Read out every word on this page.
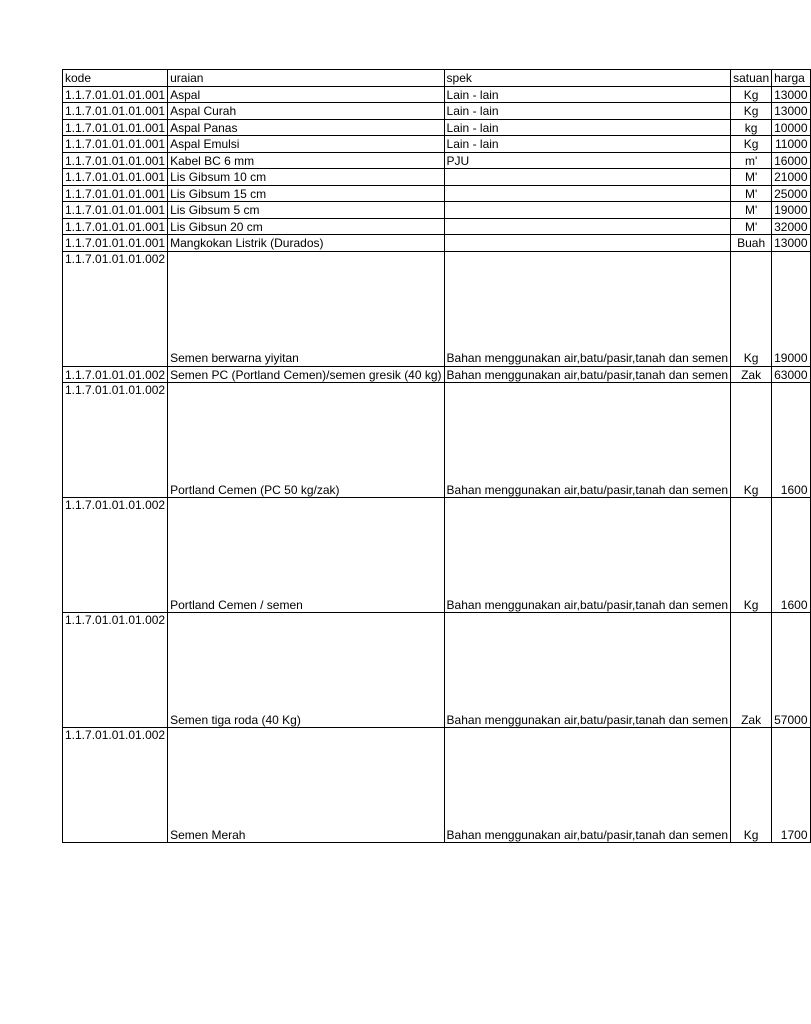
kode	uraian	spek	satuan	harga
1.1.7.01.01.01.001	Aspal	Lain - lain	Kg	13000
1.1.7.01.01.01.001	Aspal Curah	Lain - lain	Kg	13000
1.1.7.01.01.01.001	Aspal Panas	Lain - lain	kg	10000
1.1.7.01.01.01.001	Aspal Emulsi	Lain - lain	Kg	11000
1.1.7.01.01.01.001	Kabel BC 6 mm	PJU	m'	16000
1.1.7.01.01.01.001	Lis Gibsum 10 cm		M'	21000
1.1.7.01.01.01.001	Lis Gibsum 15 cm		M'	25000
1.1.7.01.01.01.001	Lis Gibsum 5 cm		M'	19000
1.1.7.01.01.01.001	Lis Gibsun 20 cm		M'	32000
1.1.7.01.01.01.001	Mangkokan Listrik (Durados)		Buah	13000
1.1.7.01.01.01.002	Semen berwarna yiyitan	Bahan menggunakan air,batu/pasir,tanah dan semen	Kg	19000
1.1.7.01.01.01.002	Semen PC (Portland Cemen)/semen gresik (40 kg)	Bahan menggunakan air,batu/pasir,tanah dan semen	Zak	63000
1.1.7.01.01.01.002	Portland Cemen (PC 50 kg/zak)	Bahan menggunakan air,batu/pasir,tanah dan semen	Kg	1600
1.1.7.01.01.01.002	Portland Cemen / semen	Bahan menggunakan air,batu/pasir,tanah dan semen	Kg	1600
1.1.7.01.01.01.002	Semen tiga roda (40 Kg)	Bahan menggunakan air,batu/pasir,tanah dan semen	Zak	57000
1.1.7.01.01.01.002	Semen Merah	Bahan menggunakan air,batu/pasir,tanah dan semen	Kg	1700
